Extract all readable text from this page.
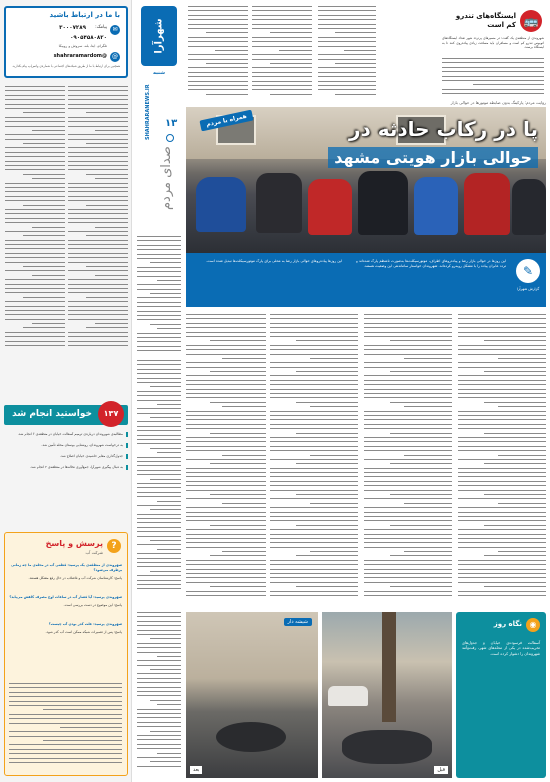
با ما در ارتباط باشید
✉
پیامک:
۳۰۰۰۷۲۸۹
۰۹۰۵۴۵۸۰۸۲۰
تلگرام، ایتا، بله، سروش و روبیکا
@
shahraramardom@
همچنین برای ارتباط با ما از طریق شبکه‌های اجتماعی با شماره‌ی واتس‌اپ پیام بگذارید.
۱۳۷
خواستید انجام شد
مطالبه‌ی شهروندان درباره‌ی ترمیم آسفالت خیابان در منطقه‌ی ۶ انجام شد.
به درخواست شهروندان، روشنایی بوستان محله تأمین شد.
جدول‌گذاری معابر حاشیه‌ی خیابان اصلاح شد.
به دنبال پیگیری شهرآرا، جمع‌آوری نخاله‌ها در منطقه‌ی ۲ انجام شد.
?
پرسش و پاسخ
شرکت آب
شهروندی از منطقه‌ی یک پرسید: قطعی آب در محله‌ی ما چه زمانی برطرف می‌شود؟
پاسخ: کارشناسان شرکت آب و فاضلاب در حال رفع مشکل هستند.
شهروندی پرسید: آیا فشار آب در ساعات اوج مصرف کاهش می‌یابد؟
پاسخ: این موضوع در دست بررسی است.
شهروندی پرسید: علت کدر بودن آب چیست؟
پاسخ: پس از تعمیرات شبکه ممکن است آب کدر شود.
شهرآرا
شنبه
SHAHRARANEWS.IR ۱۳
صدای مردم
🚌
ایستگاه‌های تندرو کم است
شهروندی از منطقه‌ی یک گفت: در مسیرهای پرتردد شهر تعداد ایستگاه‌های اتوبوس تندرو کم است و مسافران باید مسافت زیادی پیاده‌روی کنند تا به ایستگاه برسند.
روایت مردم: پارکینگ بدون ضابطه موتورها در حوالی بازار
همراه با مردم	پا در رکاب حادثه در
حوالی بازار هویتی مشهد
✎
گزارش شهرآرا
این روزها در حوالی بازار رضا و پیاده‌روهای اطراف، موتورسیکلت‌ها به‌صورت نامنظم پارک شده‌اند و تردد عابران پیاده را با مشکل روبه‌رو کرده‌اند. شهروندان خواستار ساماندهی این وضعیت هستند.
این روزها پیاده‌روهای حوالی بازار رضا به محلی برای پارک موتورسیکلت‌ها تبدیل شده است.
◉
نگاه روز
آسفالت فرسوده‌ی خیابان و جدول‌های تخریب‌شده در یکی از محله‌های شهر، رفت‌وآمد شهروندان را دشوار کرده است.
شیشه دار
بعد	قبل
